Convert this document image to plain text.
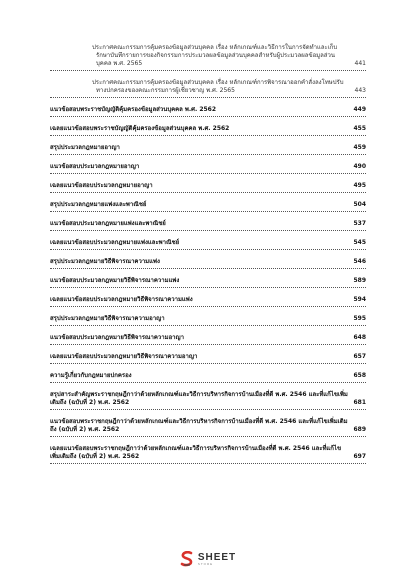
ประกาศคณะกรรมการคุ้มครองข้อมูลส่วนบุคคล เรื่อง หลักเกณฑ์และวิธีการในการจัดทำและเก็บรักษาบันทึกรายการของกิจกรรมการประมวลผลข้อมูลส่วนบุคคลสำหรับผู้ประมวลผลข้อมูลส่วนบุคคล พ.ศ. 2565	441
ประกาศคณะกรรมการคุ้มครองข้อมูลส่วนบุคคล เรื่อง หลักเกณฑ์การพิจารณาออกคำสั่งลงโทษปรับทางปกครองของคณะกรรมการผู้เชี่ยวชาญ พ.ศ. 2565	443
แนวข้อสอบพระราชบัญญัติคุ้มครองข้อมูลส่วนบุคคล พ.ศ. 2562	449
เฉลยแนวข้อสอบพระราชบัญญัติคุ้มครองข้อมูลส่วนบุคคล พ.ศ. 2562	455
สรุปประมวลกฎหมายอาญา	459
แนวข้อสอบประมวลกฎหมายอาญา	490
เฉลยแนวข้อสอบประมวลกฎหมายอาญา	495
สรุปประมวลกฎหมายแพ่งและพาณิชย์	504
แนวข้อสอบประมวลกฎหมายแพ่งและพาณิชย์	537
เฉลยแนวข้อสอบประมวลกฎหมายแพ่งและพาณิชย์	545
สรุปประมวลกฎหมายวิธีพิจารณาความแพ่ง	546
แนวข้อสอบประมวลกฎหมายวิธีพิจารณาความแพ่ง	589
เฉลยแนวข้อสอบประมวลกฎหมายวิธีพิจารณาความแพ่ง	594
สรุปประมวลกฎหมายวิธีพิจารณาความอาญา	595
แนวข้อสอบประมวลกฎหมายวิธีพิจารณาความอาญา	648
เฉลยแนวข้อสอบประมวลกฎหมายวิธีพิจารณาความอาญา	657
ความรู้เกี่ยวกับกฎหมายปกครอง	658
สรุปสาระสำคัญพระราชกฤษฎีกาว่าด้วยหลักเกณฑ์และวิธีการบริหารกิจการบ้านเมืองที่ดี พ.ศ. 2546 และที่แก้ไขเพิ่มเติมถึง (ฉบับที่ 2) พ.ศ. 2562	681
แนวข้อสอบพระราชกฤษฎีกาว่าด้วยหลักเกณฑ์และวิธีการบริหารกิจการบ้านเมืองที่ดี พ.ศ. 2546 และที่แก้ไขเพิ่มเติมถึง (ฉบับที่ 2) พ.ศ. 2562	689
เฉลยแนวข้อสอบพระราชกฤษฎีกาว่าด้วยหลักเกณฑ์และวิธีการบริหารกิจการบ้านเมืองที่ดี พ.ศ. 2546 และที่แก้ไขเพิ่มเติมถึง (ฉบับที่ 2) พ.ศ. 2562	697
SHEET
STORE
